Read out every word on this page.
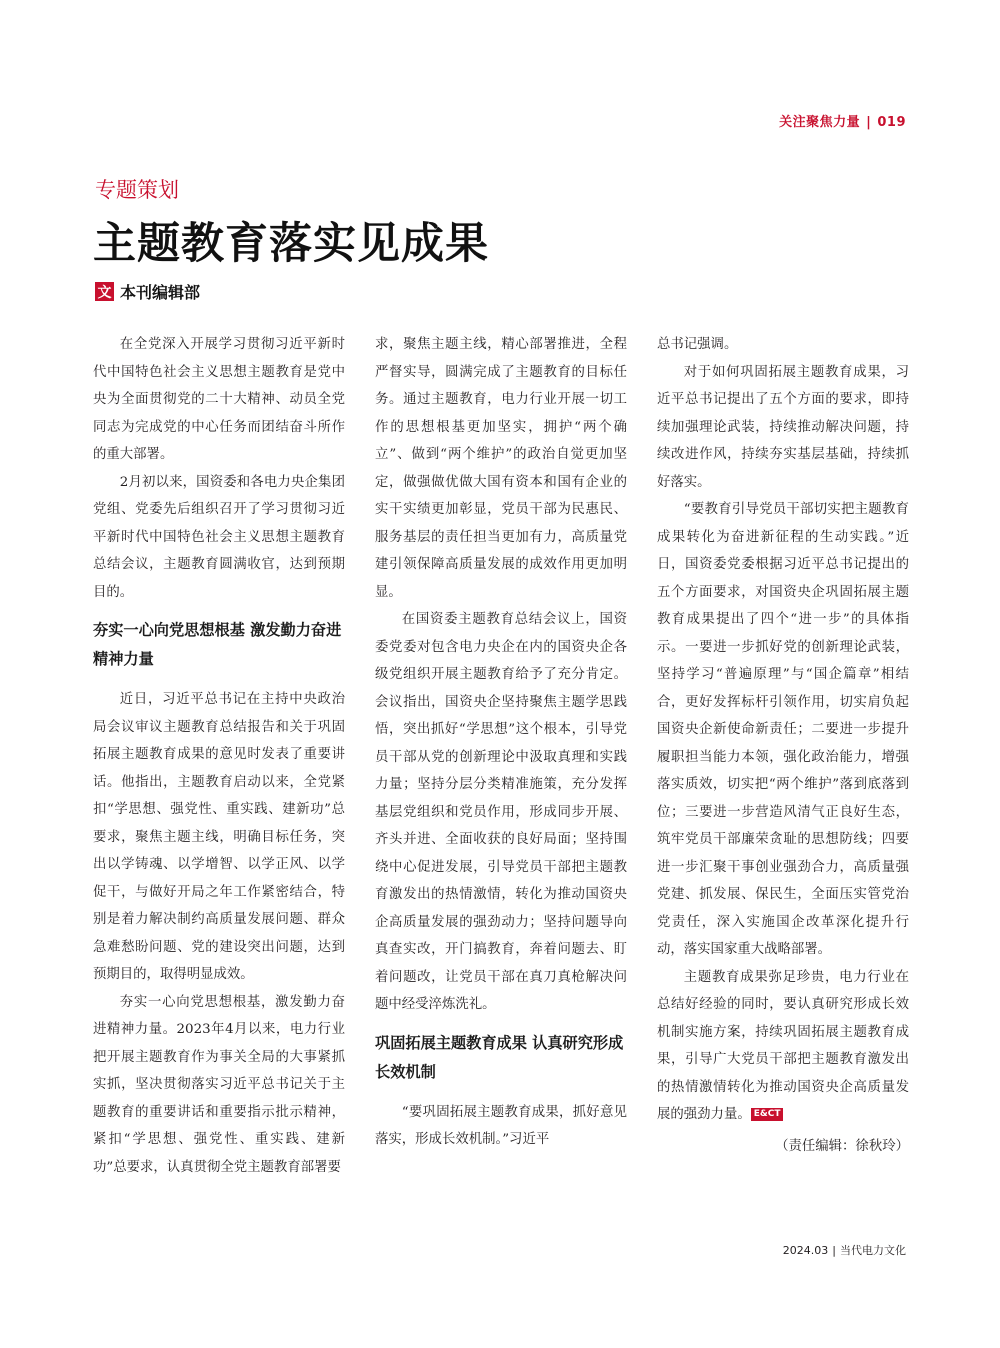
关注聚焦力量 | 019
专题策划
主题教育落实见成果
文 本刊编辑部

在全党深入开展学习贯彻习近平新时代中国特色社会主义思想主题教育是党中央为全面贯彻党的二十大精神、动员全党同志为完成党的中心任务而团结奋斗所作的重大部署。

2月初以来，国资委和各电力央企集团党组、党委先后组织召开了学习贯彻习近平新时代中国特色社会主义思想主题教育总结会议，主题教育圆满收官，达到预期目的。

夯实一心向党思想根基 激发勤力奋进精神力量

近日，习近平总书记在主持中央政治局会议审议主题教育总结报告和关于巩固拓展主题教育成果的意见时发表了重要讲话。他指出，主题教育启动以来，全党紧扣“学思想、强党性、重实践、建新功”总要求，聚焦主题主线，明确目标任务，突出以学铸魂、以学增智、以学正风、以学促干，与做好开局之年工作紧密结合，特别是着力解决制约高质量发展问题、群众急难愁盼问题、党的建设突出问题，达到预期目的，取得明显成效。

夯实一心向党思想根基，激发勤力奋进精神力量。2023年4月以来，电力行业把开展主题教育作为事关全局的大事紧抓实抓，坚决贯彻落实习近平总书记关于主题教育的重要讲话和重要指示批示精神，紧扣“学思想、强党性、重实践、建新功”总要求，认真贯彻全党主题教育部署要

求，聚焦主题主线，精心部署推进，全程严督实导，圆满完成了主题教育的目标任务。通过主题教育，电力行业开展一切工作的思想根基更加坚实，拥护“两个确立”、做到“两个维护”的政治自觉更加坚定，做强做优做大国有资本和国有企业的实干实绩更加彰显，党员干部为民惠民、服务基层的责任担当更加有力，高质量党建引领保障高质量发展的成效作用更加明显。

在国资委主题教育总结会议上，国资委党委对包含电力央企在内的国资央企各级党组织开展主题教育给予了充分肯定。会议指出，国资央企坚持聚焦主题学思践悟，突出抓好“学思想”这个根本，引导党员干部从党的创新理论中汲取真理和实践力量；坚持分层分类精准施策，充分发挥基层党组织和党员作用，形成同步开展、齐头并进、全面收获的良好局面；坚持围绕中心促进发展，引导党员干部把主题教育激发出的热情激情，转化为推动国资央企高质量发展的强劲动力；坚持问题导向真查实改，开门搞教育，奔着问题去、盯着问题改，让党员干部在真刀真枪解决问题中经受淬炼洗礼。

巩固拓展主题教育成果 认真研究形成长效机制

“要巩固拓展主题教育成果，抓好意见落实，形成长效机制。”习近平

总书记强调。

对于如何巩固拓展主题教育成果，习近平总书记提出了五个方面的要求，即持续加强理论武装，持续推动解决问题，持续改进作风，持续夯实基层基础，持续抓好落实。

“要教育引导党员干部切实把主题教育成果转化为奋进新征程的生动实践。”近日，国资委党委根据习近平总书记提出的五个方面要求，对国资央企巩固拓展主题教育成果提出了四个“进一步”的具体指示。一要进一步抓好党的创新理论武装，坚持学习“普遍原理”与“国企篇章”相结合，更好发挥标杆引领作用，切实肩负起国资央企新使命新责任；二要进一步提升履职担当能力本领，强化政治能力，增强落实质效，切实把“两个维护”落到底落到位；三要进一步营造风清气正良好生态，筑牢党员干部廉荣贪耻的思想防线；四要进一步汇聚干事创业强劲合力，高质量强党建、抓发展、保民生，全面压实管党治党责任，深入实施国企改革深化提升行动，落实国家重大战略部署。

主题教育成果弥足珍贵，电力行业在总结好经验的同时，要认真研究形成长效机制实施方案，持续巩固拓展主题教育成果，引导广大党员干部把主题教育激发出的热情激情转化为推动国资央企高质量发展的强劲力量。 E&CT

（责任编辑：徐秋玲）

2024.03 | 当代电力文化
